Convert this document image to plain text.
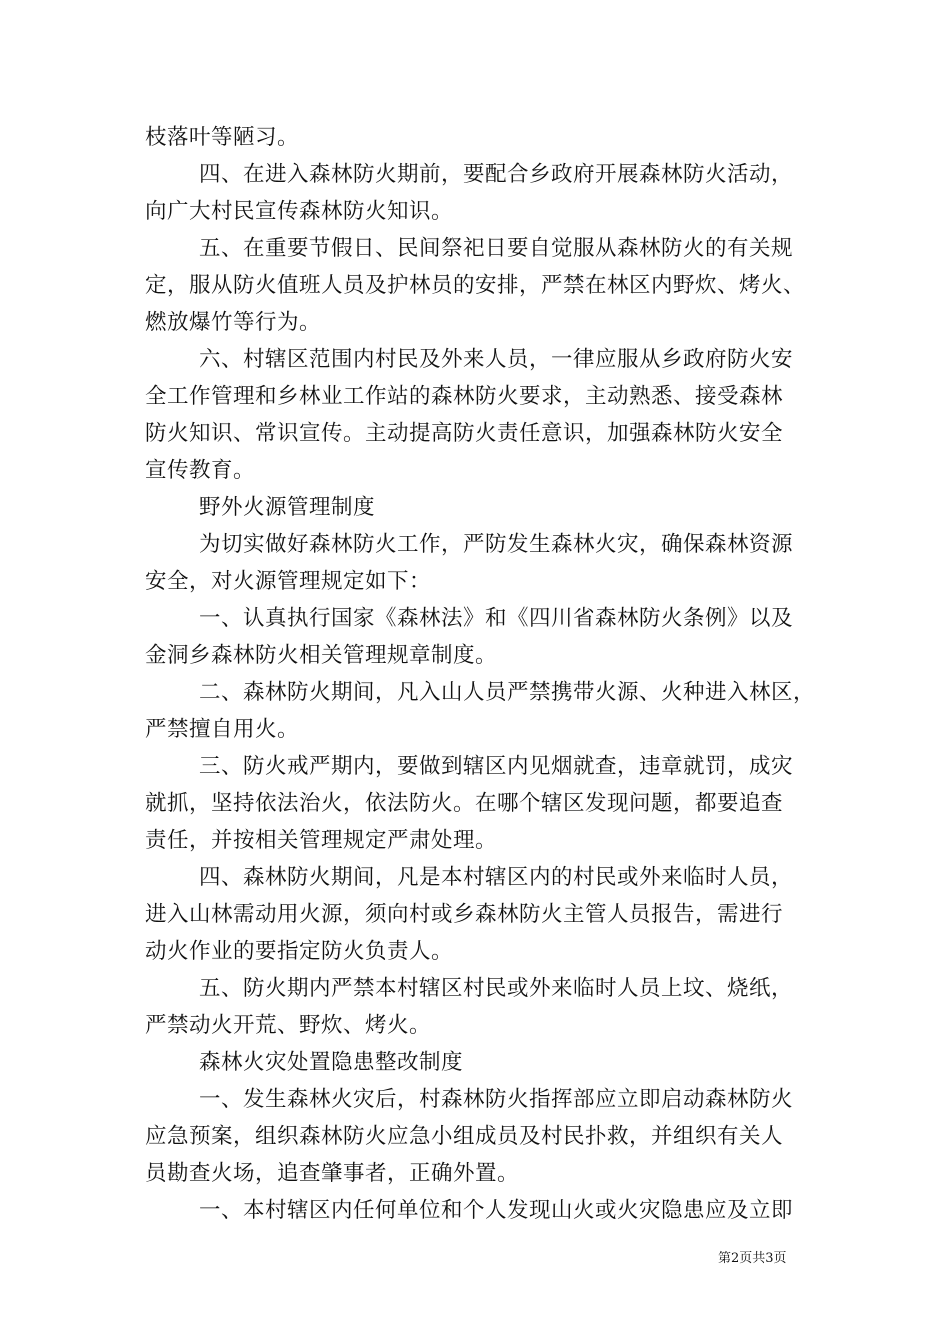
枝落叶等陋习。
四、在进入森林防火期前，要配合乡政府开展森林防火活动，
向广大村民宣传森林防火知识。
五、在重要节假日、民间祭祀日要自觉服从森林防火的有关规
定，服从防火值班人员及护林员的安排，严禁在林区内野炊、烤火、
燃放爆竹等行为。
六、村辖区范围内村民及外来人员，一律应服从乡政府防火安
全工作管理和乡林业工作站的森林防火要求，主动熟悉、接受森林
防火知识、常识宣传。主动提高防火责任意识，加强森林防火安全
宣传教育。
野外火源管理制度
为切实做好森林防火工作，严防发生森林火灾，确保森林资源
安全，对火源管理规定如下：
一、认真执行国家《森林法》和《四川省森林防火条例》以及
金洞乡森林防火相关管理规章制度。
二、森林防火期间，凡入山人员严禁携带火源、火种进入林区，
严禁擅自用火。
三、防火戒严期内，要做到辖区内见烟就查，违章就罚，成灾
就抓，坚持依法治火，依法防火。在哪个辖区发现问题，都要追查
责任，并按相关管理规定严肃处理。
四、森林防火期间，凡是本村辖区内的村民或外来临时人员，
进入山林需动用火源，须向村或乡森林防火主管人员报告，需进行
动火作业的要指定防火负责人。
五、防火期内严禁本村辖区村民或外来临时人员上坟、烧纸，
严禁动火开荒、野炊、烤火。
森林火灾处置隐患整改制度
一、发生森林火灾后，村森林防火指挥部应立即启动森林防火
应急预案，组织森林防火应急小组成员及村民扑救，并组织有关人
员勘查火场，追查肇事者，正确外置。
一、本村辖区内任何单位和个人发现山火或火灾隐患应及立即
第2页共3页
